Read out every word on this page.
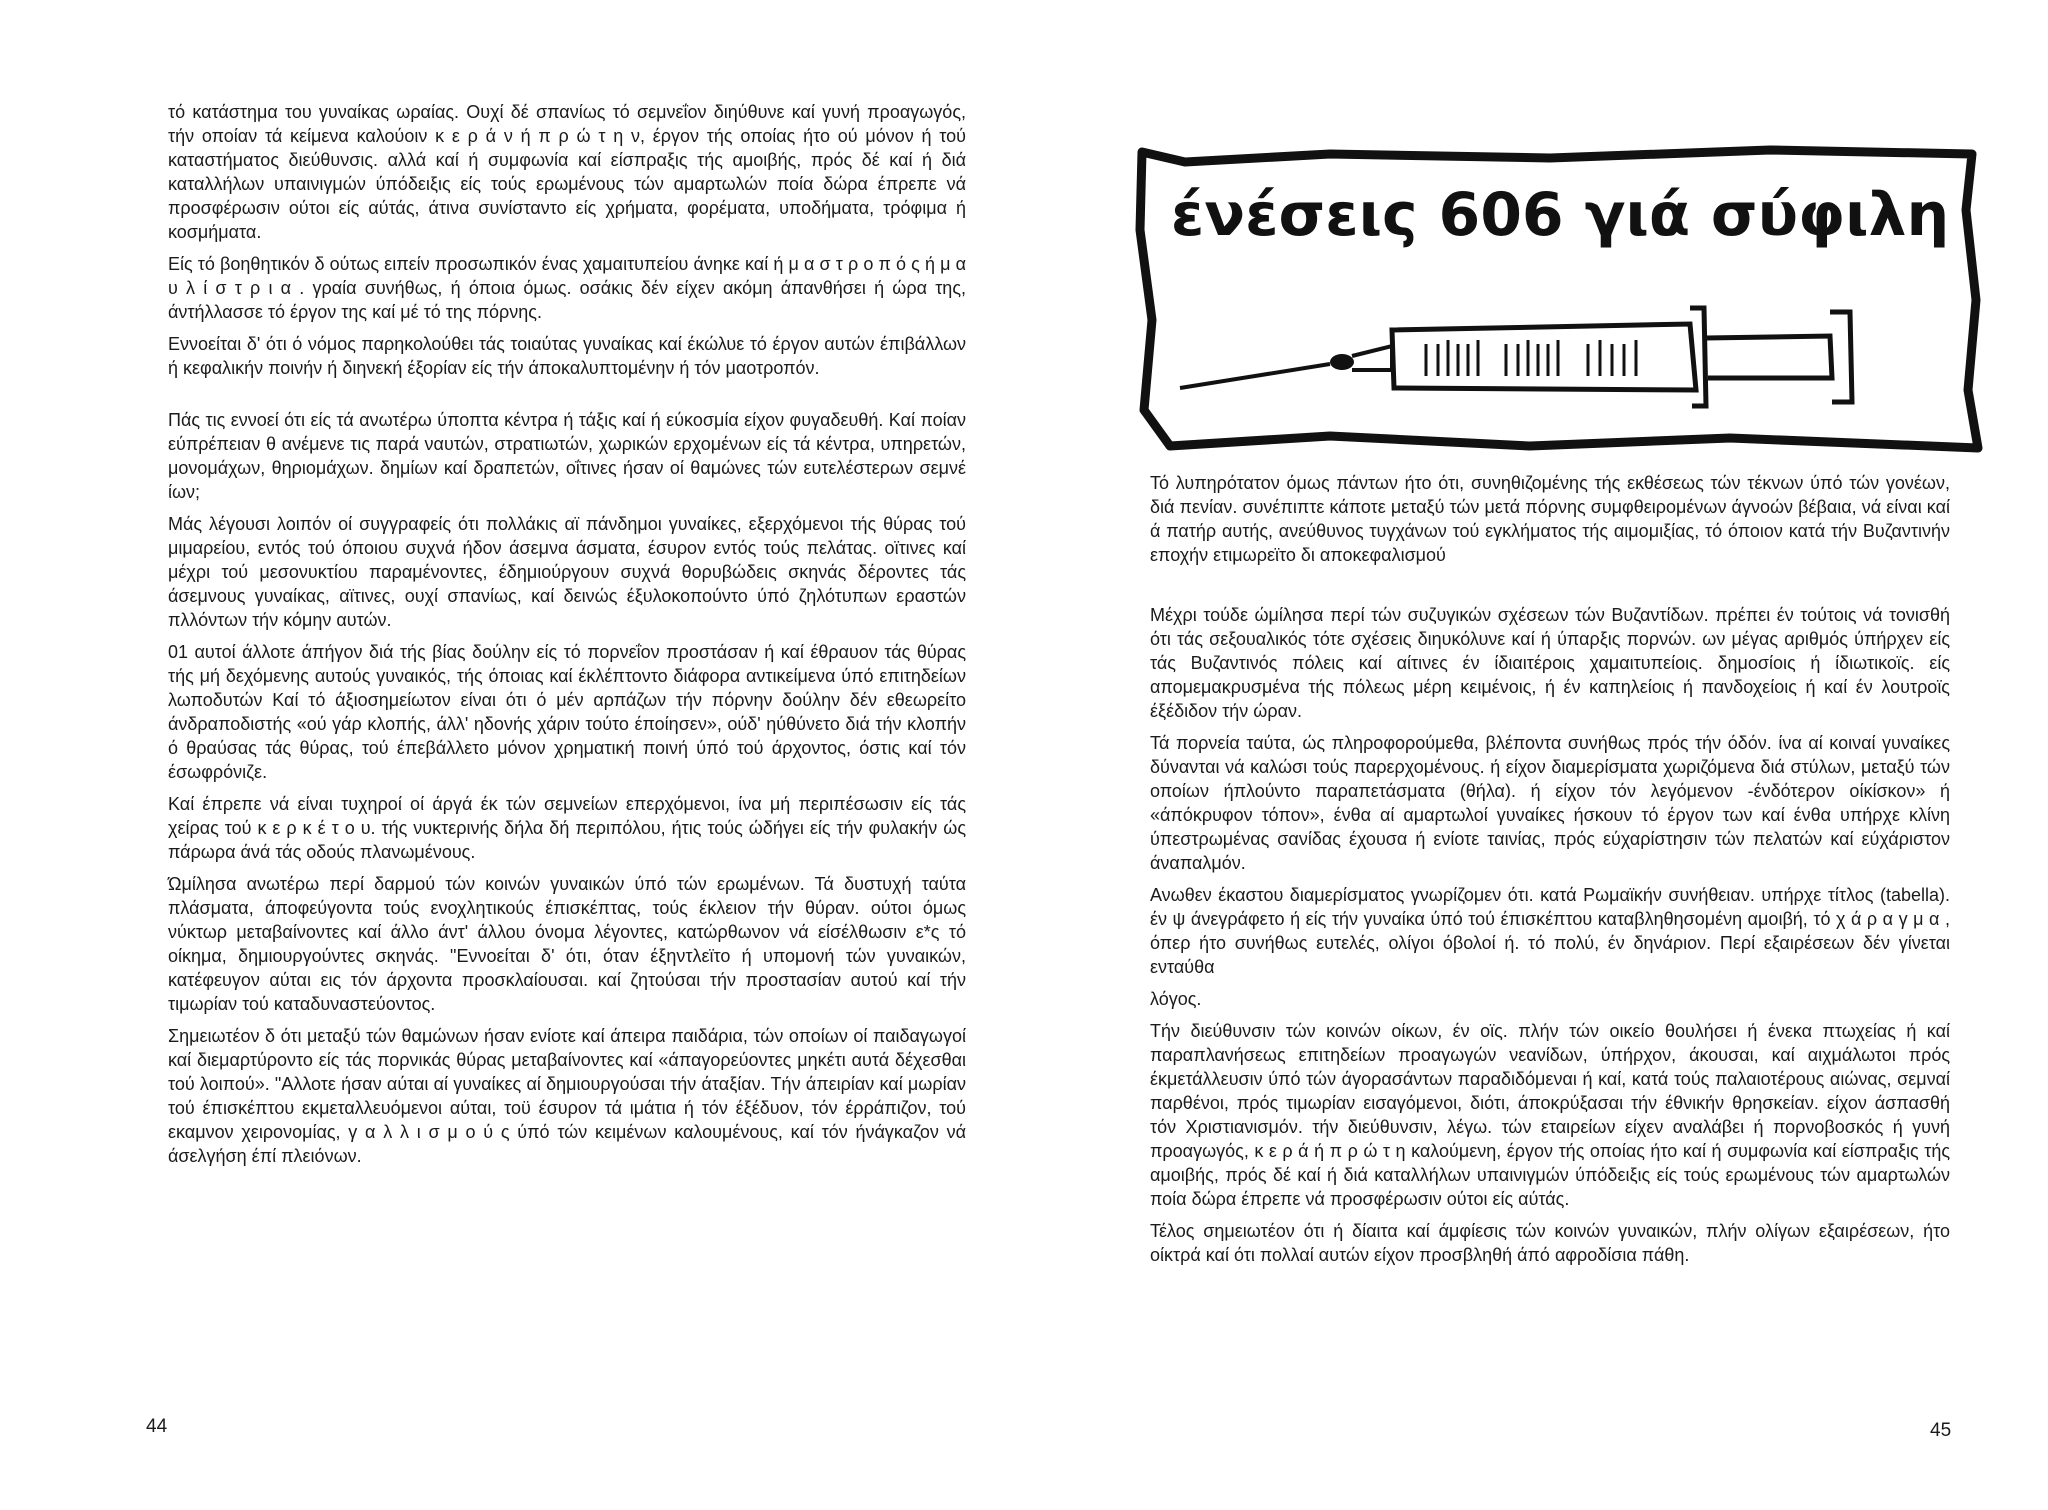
τό κατάστημα του γυναίκας ωραίας. Ουχί δέ σπανίως τό σεμνεΐον διηύθυνε καί γυνή προαγωγός, τήν οποίαν τά κείμενα καλούοιν κ ε ρ ά ν ή π ρ ώ τ η ν, έργον τής οποίας ήτο ού μόνον ή τού καταστήματος διεύθυνσις. αλλά καί ή συμφωνία καί είσπραξις τής αμοιβής, πρός δέ καί ή διά καταλλήλων υπαινιγμών ύπόδειξις είς τούς ερωμένους τών αμαρτωλών ποία δώρα έπρεπε νά προσφέρωσιν ούτοι είς αύτάς, άτινα συνίσταντο είς χρήματα, φορέματα, υποδήματα, τρόφιμα ή κοσμήματα.

Είς τό βοηθητικόν δ ούτως ειπείν προσωπικόν ένας χαμαιτυπείου άνηκε καί ή μ α σ τ ρ ο π ό ς ή μ α υ λ ί σ τ ρ ι α . γραία συνήθως, ή όποια όμως. οσάκις δέν είχεν ακόμη άπανθήσει ή ώρα της, άντήλλασσε τό έργον της καί μέ τό της πόρνης.

Εννοείται δ' ότι ό νόμος παρηκολούθει τάς τοιαύτας γυναίκας καί έκώλυε τό έργον αυτών έπιβάλλων ή κεφαλικήν ποινήν ή διηνεκή έξορίαν είς τήν άποκαλυπτομένην ή τόν μαοτροπόν.

Πάς τις εννοεί ότι είς τά ανωτέρω ύποπτα κέντρα ή τάξις καί ή εύκοσμία είχον φυγαδευθή. Καί ποίαν εύπρέπειαν θ ανέμενε τις παρά ναυτών, στρατιωτών, χωρικών ερχομένων είς τά κέντρα, υπηρετών, μονομάχων, θηριομάχων. δημίων καί δραπετών, οΐτινες ήσαν οί θαμώνες τών ευτελέστερων σεμνέ ίων;

Μάς λέγουσι λοιπόν οί συγγραφείς ότι πολλάκις αϊ πάνδημοι γυναίκες, εξερχόμενοι τής θύρας τού μιμαρείου, εντός τού όποιου συχνά ήδον άσεμνα άσματα, έσυρον εντός τούς πελάτας. οϊτινες καί μέχρι τού μεσονυκτίου παραμένοντες, έδημιούργουν συχνά θορυβώδεις σκηνάς δέροντες τάς άσεμνους γυναίκας, αϊτινες, ουχί σπανίως, καί δεινώς έξυλοκοπούντο ύπό ζηλότυπων εραστών πλλόντων τήν κόμην αυτών.

01 αυτοί άλλοτε άπήγον διά τής βίας δούλην είς τό πορνεΐον προστάσαν ή καί έθραυον τάς θύρας τής μή δεχόμενης αυτούς γυναικός, τής όποιας καί έκλέπτοντο διάφορα αντικείμενα ύπό επιτηδείων λωποδυτών Καί τό άξιοσημείωτον είναι ότι ό μέν αρπάζων τήν πόρνην δούλην δέν εθεωρείτο άνδραποδιστής «ού γάρ κλοπής, άλλ' ηδονής χάριν τούτο έποίησεν», ούδ' ηύθύνετο διά τήν κλοπήν ό θραύσας τάς θύρας, τού έπεβάλλετο μόνον χρηματική ποινή ύπό τού άρχοντος, όστις καί τόν έσωφρόνιζε.

Καί έπρεπε νά είναι τυχηροί οί άργά έκ τών σεμνείων επερχόμενοι, ίνα μή περιπέσωσιν είς τάς χείρας τού κ ε ρ κ έ τ ο υ. τής νυκτερινής δήλα δή περιπόλου, ήτις τούς ώδήγει είς τήν φυλακήν ώς πάρωρα άνά τάς οδούς πλανωμένους.

Ώμίλησα ανωτέρω περί δαρμού τών κοινών γυναικών ύπό τών ερωμένων. Τά δυστυχή ταύτα πλάσματα, άποφεύγοντα τούς ενοχλητικούς έπισκέπτας, τούς έκλειον τήν θύραν. ούτοι όμως νύκτωρ μεταβαίνοντες καί άλλο άντ' άλλου όνομα λέγοντες, κατώρθωνον νά είσέλθωσιν ε*ς τό οίκημα, δημιουργούντες σκηνάς. "Εννοείται δ' ότι, όταν έξηντλεϊτο ή υπομονή τών γυναικών, κατέφευγον αύται εις τόν άρχοντα προσκλαίουσαι. καί ζητούσαι τήν προστασίαν αυτού καί τήν τιμωρίαν τού καταδυναστεύοντος.

Σημειωτέον δ ότι μεταξύ τών θαμώνων ήσαν ενίοτε καί άπειρα παιδάρια, τών οποίων οί παιδαγωγοί καί διεμαρτύροντο είς τάς πορνικάς θύρας μεταβαίνοντες καί «άπαγορεύοντες μηκέτι αυτά δέχεσθαι τού λοιπού». "Αλλοτε ήσαν αύται αί γυναίκες αί δημιουργούσαι τήν άταξίαν. Τήν άπειρίαν καί μωρίαν τού έπισκέπτου εκμεταλλευόμενοι αύται, τοϋ έσυρον τά ιμάτια ή τόν έξέδυον, τόν έρράπιζον, τού εκαμνον χειρονομίας, γ α λ λ ι σ μ ο ύ ς ύπό τών κειμένων καλουμένους, καί τόν ήνάγκαζον νά άσελγήση έπί πλειόνων.

44	45
ένέσεις 606 γιά σύφιλη

Τό λυπηρότατον όμως πάντων ήτο ότι, συνηθιζομένης τής εκθέσεως τών τέκνων ύπό τών γονέων, διά πενίαν. συνέπιπτε κάποτε μεταξύ τών μετά πόρνης συμφθειρομένων άγνοών βέβαια, νά είναι καί ά πατήρ αυτής, ανεύθυνος τυγχάνων τού εγκλήματος τής αιμομιξίας, τό όποιον κατά τήν Βυζαντινήν εποχήν ετιμωρεϊτο δι αποκεφαλισμού

Μέχρι τούδε ώμίλησα περί τών συζυγικών σχέσεων τών Βυζαντίδων. πρέπει έν τούτοις νά τονισθή ότι τάς σεξουαλικός τότε σχέσεις διηυκόλυνε καί ή ύπαρξις πορνών. ων μέγας αριθμός ύπήρχεν είς τάς Βυζαντινός πόλεις καί αίτινες έν ίδιαιτέροις χαμαιτυπείοις. δημοσίοις ή ίδιωτικοϊς. είς απομεμακρυσμένα τής πόλεως μέρη κειμένοις, ή έν καπηλείοις ή πανδοχείοις ή καί έν λουτροϊς έξέδιδον τήν ώραν.

Τά πορνεία ταύτα, ώς πληροφορούμεθα, βλέποντα συνήθως πρός τήν όδόν. ίνα αί κοιναί γυναίκες δύνανται νά καλώσι τούς παρερχομένους. ή είχον διαμερίσματα χωριζόμενα διά στύλων, μεταξύ τών οποίων ήπλούντο παραπετάσματα (θήλα). ή είχον τόν λεγόμενον -ένδότερον οίκίσκον» ή «άπόκρυφον τόπον», ένθα αί αμαρτωλοί γυναίκες ήσκουν τό έργον των καί ένθα υπήρχε κλίνη ύπεστρωμένας σανίδας έχουσα ή ενίοτε ταινίας, πρός εύχαρίστησιν τών πελατών καί εύχάριστον άναπαλμόν.

Ανωθεν έκαστου διαμερίσματος γνωρίζομεν ότι. κατά Ρωμαϊκήν συνήθειαν. υπήρχε τίτλος (tabella). έν ψ άνεγράφετο ή είς τήν γυναίκα ύπό τού έπισκέπτου καταβληθησομένη αμοιβή, τό χ ά ρ α γ μ α , όπερ ήτο συνήθως ευτελές, ολίγοι όβολοί ή. τό πολύ, έν δηνάριον. Περί εξαιρέσεων δέν γίνεται ενταύθα

λόγος.

Τήν διεύθυνσιν τών κοινών οίκων, έν οϊς. πλήν τών οικείο θουλήσει ή ένεκα πτωχείας ή καί παραπλανήσεως επιτηδείων προαγωγών νεανίδων, ύπήρχον, άκουσαι, καί αιχμάλωτοι πρός έκμετάλλευσιν ύπό τών άγορασάντων παραδιδόμεναι ή καί, κατά τούς παλαιοτέρους αιώνας, σεμναί παρθένοι, πρός τιμωρίαν εισαγόμενοι, διότι, άποκρύξασαι τήν έθνικήν θρησκείαν. είχον άσπασθή τόν Χριστιανισμόν. τήν διεύθυνσιν, λέγω. τών εταιρείων είχεν αναλάβει ή πορνοβοσκός ή γυνή προαγωγός, κ ε ρ ά ή π ρ ώ τ η καλούμενη, έργον τής οποίας ήτο καί ή συμφωνία καί είσπραξις τής αμοιβής, πρός δέ καί ή διά καταλλήλων υπαινιγμών ύπόδειξις είς τούς ερωμένους τών αμαρτωλών ποία δώρα έπρεπε νά προσφέρωσιν ούτοι είς αύτάς.

Τέλος σημειωτέον ότι ή δίαιτα καί άμφίεσις τών κοινών γυναικών, πλήν ολίγων εξαιρέσεων, ήτο οίκτρά καί ότι πολλαί αυτών είχον προσβληθή άπό αφροδίσια πάθη.
